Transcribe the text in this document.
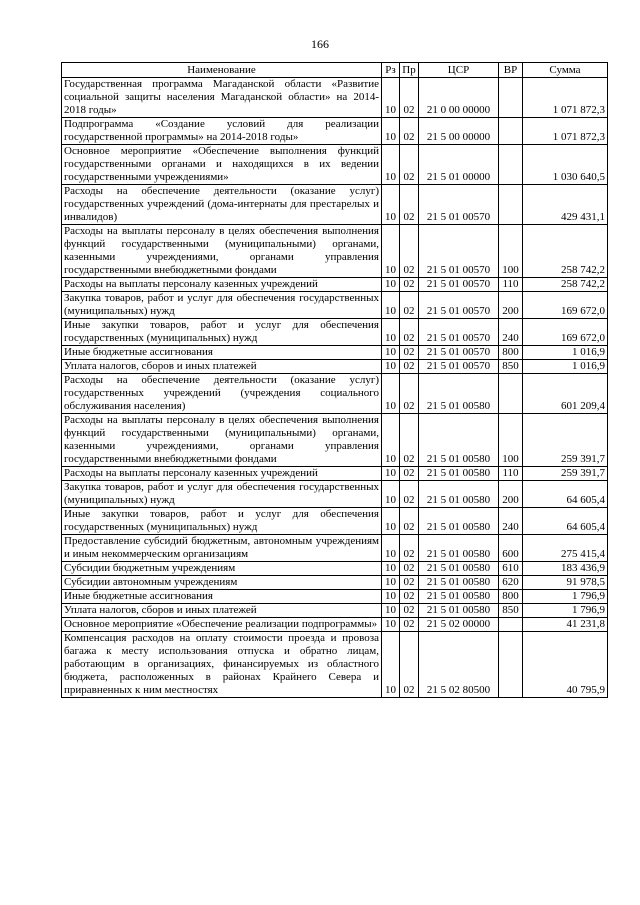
166
Наименование	Рз	Пр	ЦСР	ВР	Сумма
Государственная программа Магаданской области «Развитие социальной защиты населения Магаданской области» на 2014-2018 годы»	10	02	21 0 00 00000		1 071 872,3
Подпрограмма «Создание условий для реализации государственной программы» на 2014-2018 годы»	10	02	21 5 00 00000		1 071 872,3
Основное мероприятие «Обеспечение выполнения функций государственными органами и находящихся в их ведении государственными учреждениями»	10	02	21 5 01 00000		1 030 640,5
Расходы на обеспечение деятельности (оказание услуг) государственных учреждений (дома-интернаты для престарелых и инвалидов)	10	02	21 5 01 00570		429 431,1
Расходы на выплаты персоналу в целях обеспечения выполнения функций государственными (муниципальными) органами, казенными учреждениями, органами управления государственными внебюджетными фондами	10	02	21 5 01 00570	100	258 742,2
Расходы на выплаты персоналу казенных учреждений	10	02	21 5 01 00570	110	258 742,2
Закупка товаров, работ и услуг для обеспечения государственных (муниципальных) нужд	10	02	21 5 01 00570	200	169 672,0
Иные закупки товаров, работ и услуг для обеспечения государственных (муниципальных) нужд	10	02	21 5 01 00570	240	169 672,0
Иные бюджетные ассигнования	10	02	21 5 01 00570	800	1 016,9
Уплата налогов, сборов и иных платежей	10	02	21 5 01 00570	850	1 016,9
Расходы на обеспечение деятельности (оказание услуг) государственных учреждений (учреждения социального обслуживания населения)	10	02	21 5 01 00580		601 209,4
Расходы на выплаты персоналу в целях обеспечения выполнения функций государственными (муниципальными) органами, казенными учреждениями, органами управления государственными внебюджетными фондами	10	02	21 5 01 00580	100	259 391,7
Расходы на выплаты персоналу казенных учреждений	10	02	21 5 01 00580	110	259 391,7
Закупка товаров, работ и услуг для обеспечения государственных (муниципальных) нужд	10	02	21 5 01 00580	200	64 605,4
Иные закупки товаров, работ и услуг для обеспечения государственных (муниципальных) нужд	10	02	21 5 01 00580	240	64 605,4
Предоставление субсидий бюджетным, автономным учреждениям и иным некоммерческим организациям	10	02	21 5 01 00580	600	275 415,4
Субсидии бюджетным учреждениям	10	02	21 5 01 00580	610	183 436,9
Субсидии автономным учреждениям	10	02	21 5 01 00580	620	91 978,5
Иные бюджетные ассигнования	10	02	21 5 01 00580	800	1 796,9
Уплата налогов, сборов и иных платежей	10	02	21 5 01 00580	850	1 796,9
Основное мероприятие «Обеспечение реализации подпрограммы»	10	02	21 5 02 00000		41 231,8
Компенсация расходов на оплату стоимости проезда и провоза багажа к месту использования отпуска и обратно лицам, работающим в организациях, финансируемых из областного бюджета, расположенных в районах Крайнего Севера и приравненных к ним местностях	10	02	21 5 02 80500		40 795,9
